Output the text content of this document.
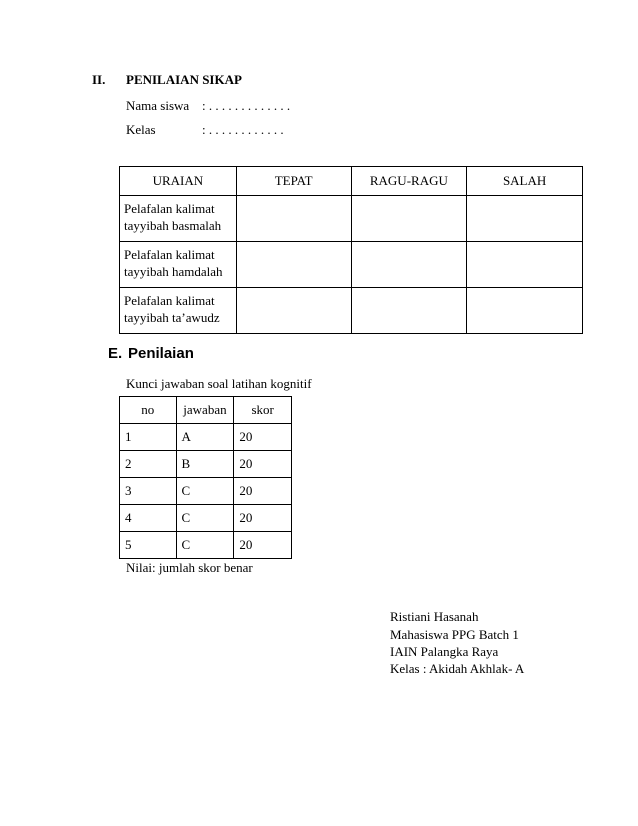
II. PENILAIAN SIKAP
Nama siswa : . . . . . . . . . . . . .
Kelas	: . . . . . . . . . . . .
URAIAN	TEPAT	RAGU-RAGU	SALAH
Pelafalan kalimat tayyibah basmalah			
Pelafalan kalimat tayyibah hamdalah			
Pelafalan kalimat tayyibah ta’awudz			
E. Penilaian
Kunci jawaban soal latihan kognitif
no	jawaban	skor
1	A	20
2	B	20
3	C	20
4	C	20
5	C	20
Nilai: jumlah skor benar
Ristiani Hasanah
Mahasiswa PPG Batch 1
IAIN Palangka Raya
Kelas : Akidah Akhlak- A
